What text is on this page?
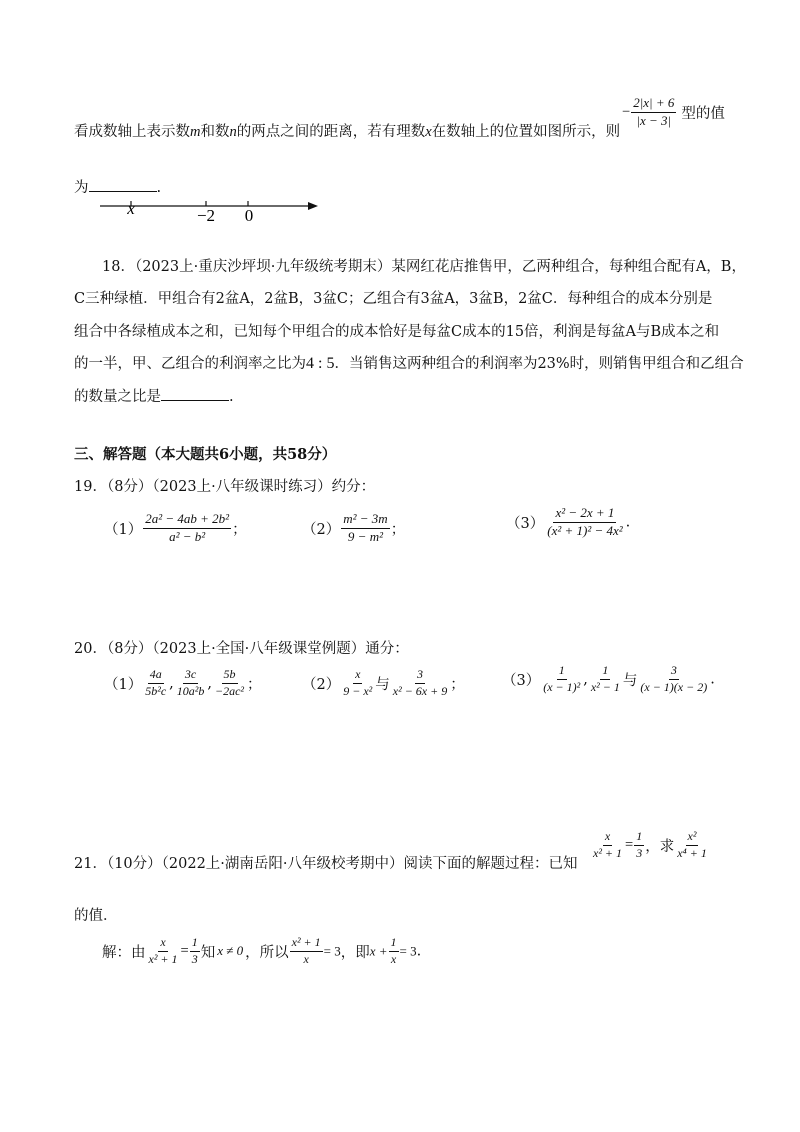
看成数轴上表示数m和数n的两点之间的距离，若有理数x在数轴上的位置如图所示，则
− $\frac{2|x| + 6}{|x - 3|}$ 型的值
为	.
x	−2 0
18．（2023上·重庆沙坪坝·九年级统考期末）某网红花店推售甲，乙两种组合，每种组合配有A，B，
C三种绿植．甲组合有2盆A，2盆B，3盆C；乙组合有3盆A，3盆B，2盆C．每种组合的成本分别是
组合中各绿植成本之和，已知每个甲组合的成本恰好是每盆C成本的15倍，利润是每盆A与B成本之和
的一半，甲、乙组合的利润率之比为4 : 5．当销售这两种组合的利润率为23%时，则销售甲组合和乙组合
的数量之比是	.
三、解答题（本大题共6小题，共58分）
19．（8分）（2023上·八年级课时练习）约分：
$(1) \frac{\text{2a² − 4ab + 2b²}}{\text{a² − b²}}$ ；	$(2) \frac{\text{m² − 3m}}{\text{9 − m²}}$ ；	$(3) \frac{\text{x² − 2x + 1}}{\text{(x² + 1)² − 4x²}}$ .
20．（8分）（2023上·全国·八年级课堂例题）通分：
$(1) \frac{4a}{\text{5b²c}}$ , $\frac{3c}{\text{10a²b}}$ , $\frac{5b}{\text{−2ac²}}$ ；	$(2) \frac{x}{\text{9 − x²}}$ 与 $\frac{3}{\text{x² − 6x + 9}}$ ；	$(3) \frac{1}{\text{(x − 1)²}}$ , $\frac{1}{\text{x² − 1}}$ 与 $\frac{3}{(x - 1)(x - 2)}$ .
21．（10分）（2022上·湖南岳阳·八年级校考期中）阅读下面的解题过程：已知
$\frac{x}{\text{x² + 1}} = \frac{1}{3}$ ，求 $\frac{\text{x²}}{\text{x⁴ + 1}}$
的值．
解：由 $\frac{x}{\text{x² + 1}} = \frac{1}{3}$ 知 x ≠ 0 ，所以 $\frac{\text{x² + 1}}{x} = 3$，即$x + \frac{1}{x} = 3$.
